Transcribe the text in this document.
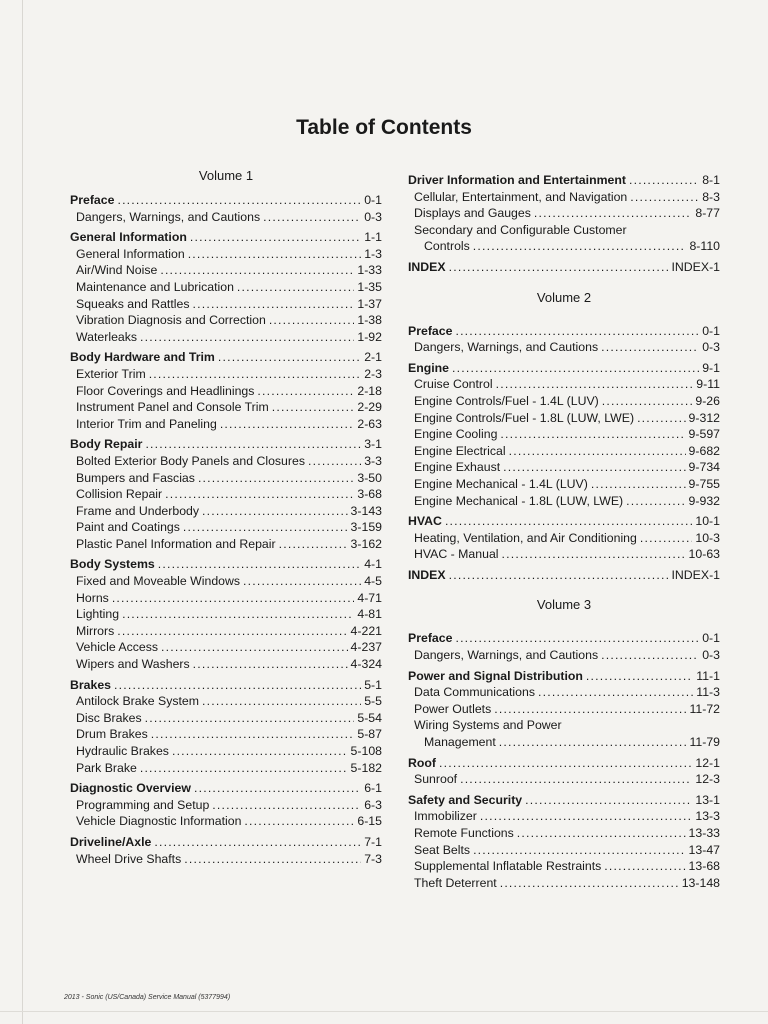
Table of Contents
Volume 1
Preface .....	0-1
Dangers, Warnings, and Cautions .....	0-3
General Information .....	1-1
General Information .....	1-3
Air/Wind Noise .....	1-33
Maintenance and Lubrication .....	1-35
Squeaks and Rattles .....	1-37
Vibration Diagnosis and Correction .....	1-38
Waterleaks .....	1-92
Body Hardware and Trim .....	2-1
Exterior Trim .....	2-3
Floor Coverings and Headlinings .....	2-18
Instrument Panel and Console Trim .....	2-29
Interior Trim and Paneling .....	2-63
Body Repair .....	3-1
Bolted Exterior Body Panels and Closures .....	3-3
Bumpers and Fascias .....	3-50
Collision Repair .....	3-68
Frame and Underbody .....	3-143
Paint and Coatings .....	3-159
Plastic Panel Information and Repair .....	3-162
Body Systems .....	4-1
Fixed and Moveable Windows .....	4-5
Horns .....	4-71
Lighting .....	4-81
Mirrors .....	4-221
Vehicle Access .....	4-237
Wipers and Washers .....	4-324
Brakes .....	5-1
Antilock Brake System .....	5-5
Disc Brakes .....	5-54
Drum Brakes .....	5-87
Hydraulic Brakes .....	5-108
Park Brake .....	5-182
Diagnostic Overview .....	6-1
Programming and Setup .....	6-3
Vehicle Diagnostic Information .....	6-15
Driveline/Axle .....	7-1
Wheel Drive Shafts .....	7-3
Driver Information and Entertainment .....	8-1
Cellular, Entertainment, and Navigation .....	8-3
Displays and Gauges .....	8-77
Secondary and Configurable Customer
Controls .....	8-110
INDEX .....	INDEX-1
Volume 2
Preface .....	0-1
Dangers, Warnings, and Cautions .....	0-3
Engine .....	9-1
Cruise Control .....	9-11
Engine Controls/Fuel - 1.4L (LUV) .....	9-26
Engine Controls/Fuel - 1.8L (LUW, LWE) .....	9-312
Engine Cooling .....	9-597
Engine Electrical .....	9-682
Engine Exhaust .....	9-734
Engine Mechanical - 1.4L (LUV) .....	9-755
Engine Mechanical - 1.8L (LUW, LWE) .....	9-932
HVAC .....	10-1
Heating, Ventilation, and Air Conditioning .....	10-3
HVAC - Manual .....	10-63
INDEX .....	INDEX-1
Volume 3
Preface .....	0-1
Dangers, Warnings, and Cautions .....	0-3
Power and Signal Distribution .....	11-1
Data Communications .....	11-3
Power Outlets .....	11-72
Wiring Systems and Power
Management .....	11-79
Roof .....	12-1
Sunroof .....	12-3
Safety and Security .....	13-1
Immobilizer .....	13-3
Remote Functions .....	13-33
Seat Belts .....	13-47
Supplemental Inflatable Restraints .....	13-68
Theft Deterrent .....	13-148
2013 - Sonic (US/Canada) Service Manual (5377994)
